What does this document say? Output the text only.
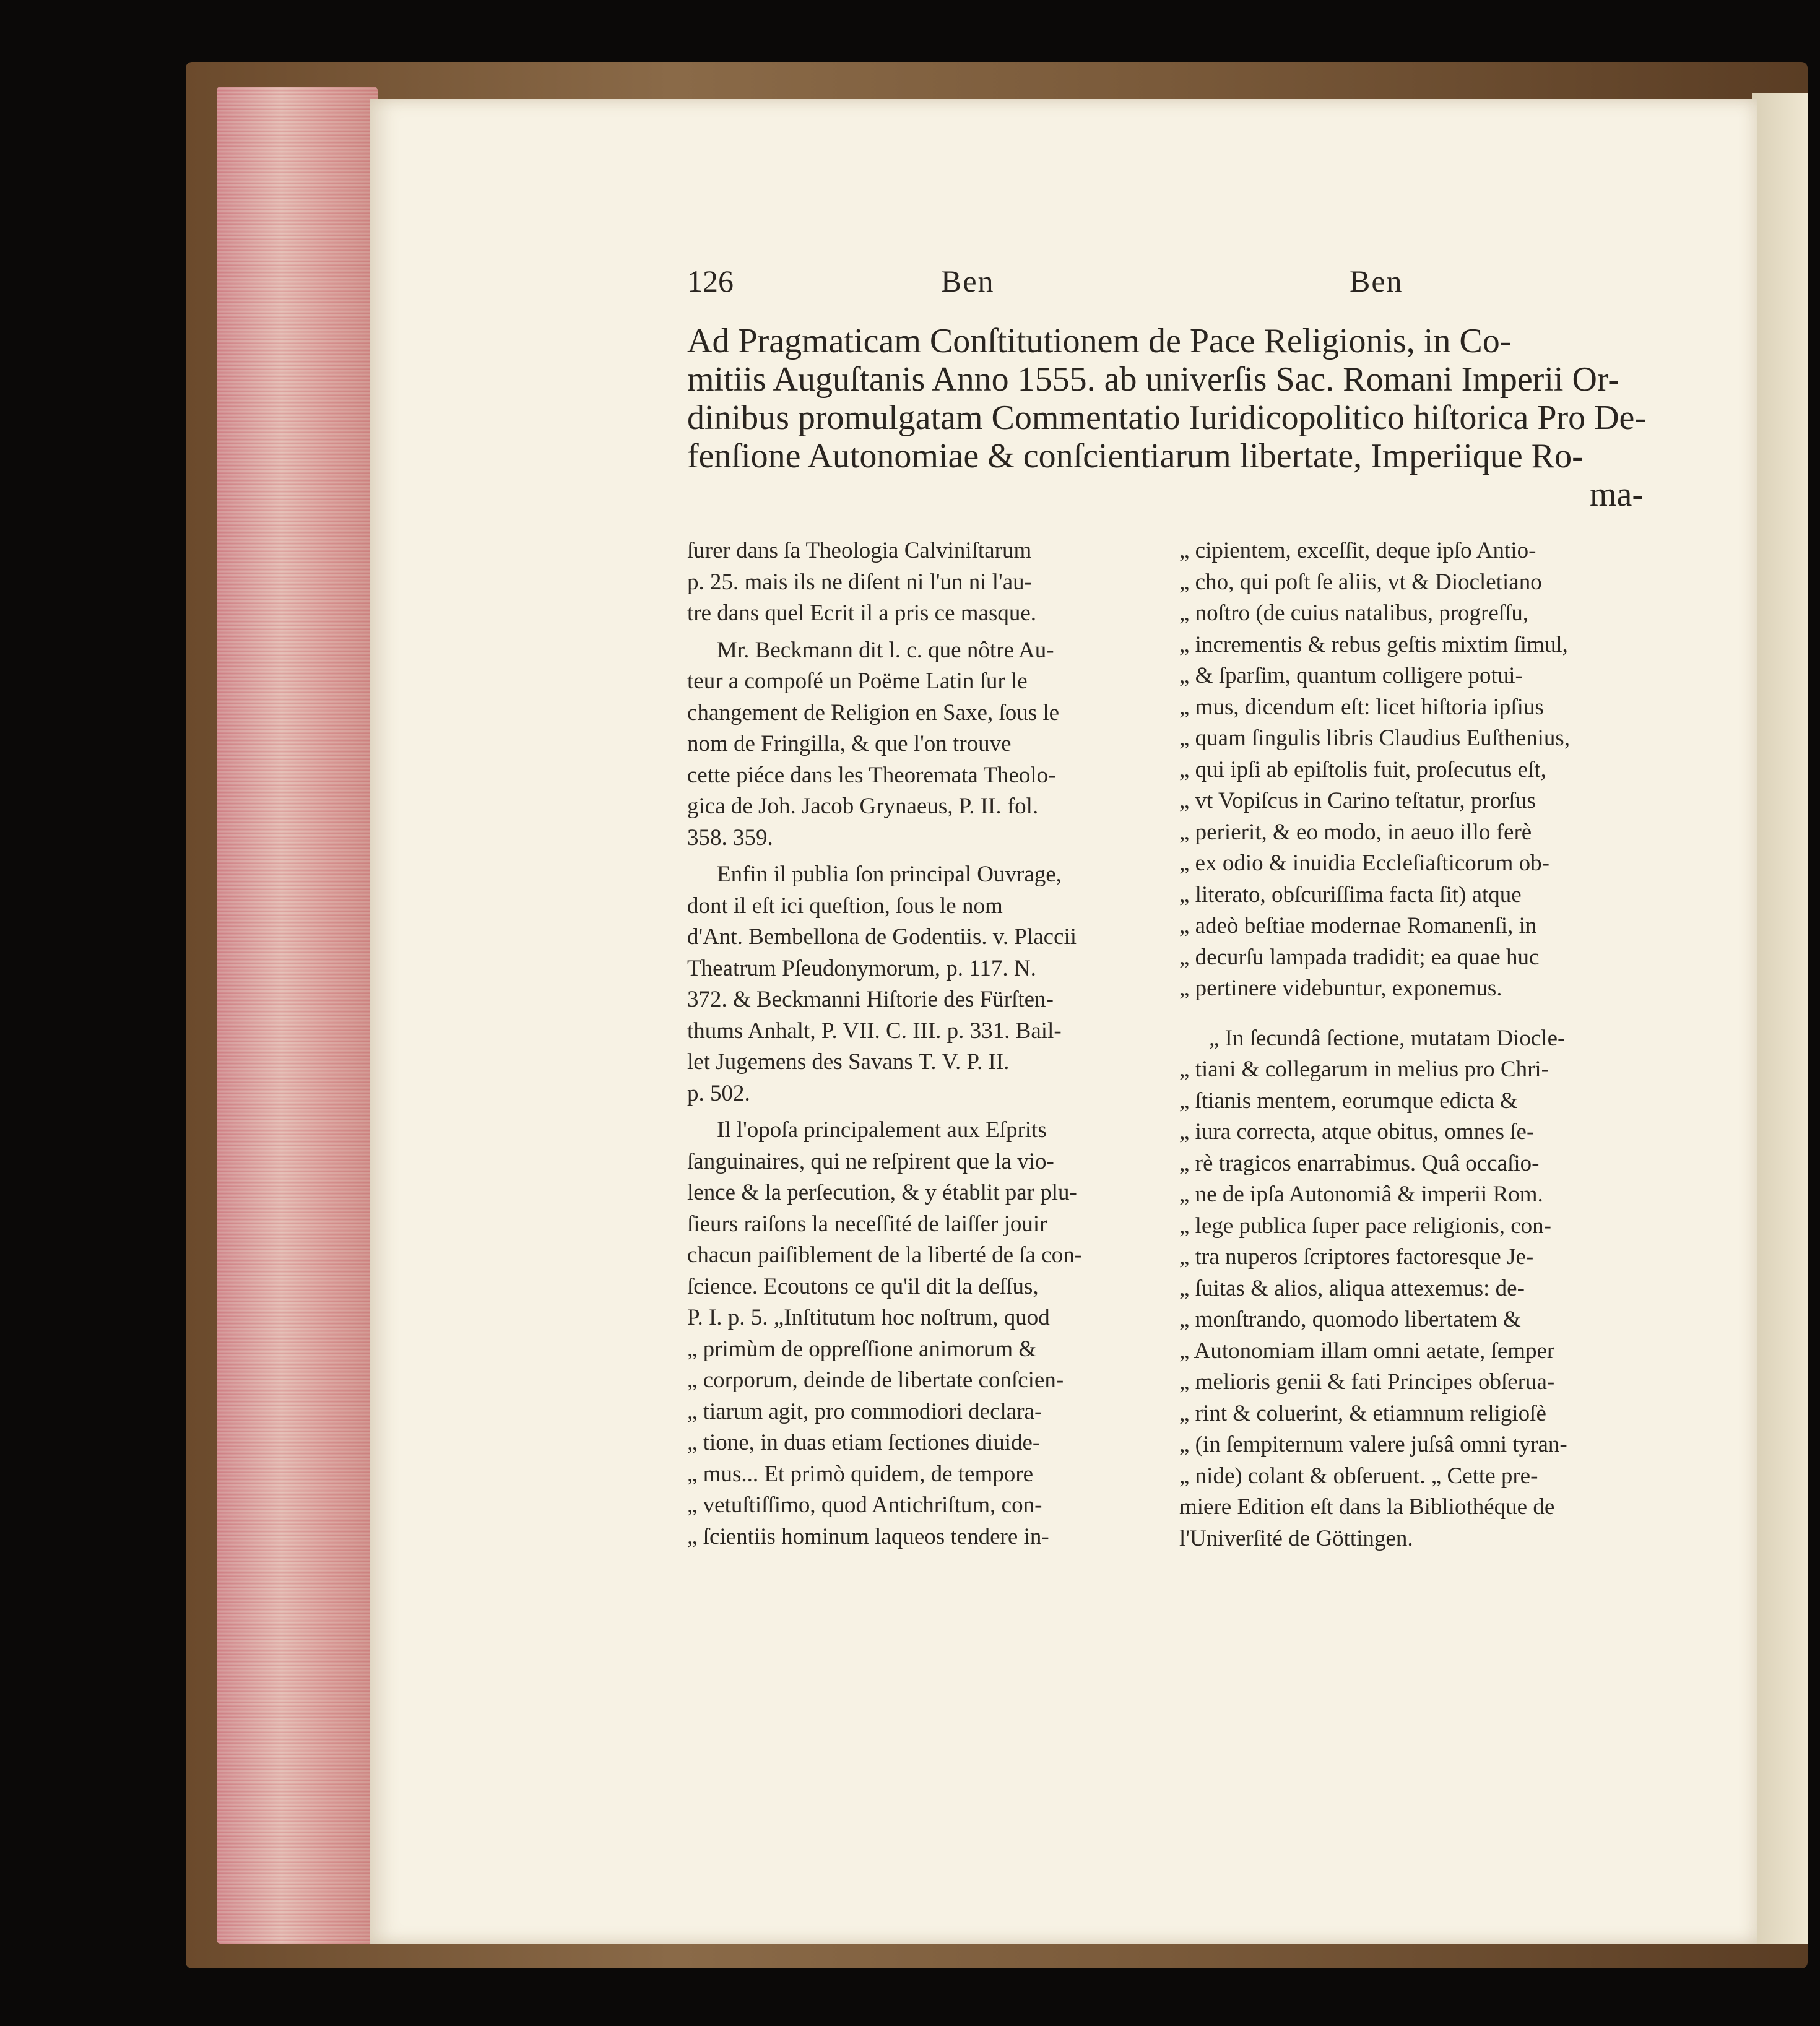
126	Ben	Ben
Ad Pragmaticam Conſtitutionem de Pace Religionis, in Co-
mitiis Auguſtanis Anno 1555. ab univerſis Sac. Romani Imperii Or-
dinibus promulgatam Commentatio Iuridicopolitico hiſtorica Pro De-
fenſione Autonomiae & conſcientiarum libertate, Imperiique Ro-
ma-

ſurer dans ſa Theologia Calviniſtarum
p. 25. mais ils ne diſent ni l'un ni l'au-
tre dans quel Ecrit il a pris ce masque.

Mr. Beckmann dit l. c. que nôtre Au-
teur a compoſé un Poëme Latin ſur le
changement de Religion en Saxe, ſous le
nom de Fringilla, & que l'on trouve
cette piéce dans les Theoremata Theolo-
gica de Joh. Jacob Grynaeus, P. II. fol.
358. 359.

Enfin il publia ſon principal Ouvrage,
dont il eſt ici queſtion, ſous le nom
d'Ant. Bembellona de Godentiis. v. Placcii
Theatrum Pſeudonymorum, p. 117. N.
372. & Beckmanni Hiſtorie des Fürſten-
thums Anhalt, P. VII. C. III. p. 331. Bail-
let Jugemens des Savans T. V. P. II.
p. 502.

Il l'opoſa principalement aux Eſprits
ſanguinaires, qui ne reſpirent que la vio-
lence & la perſecution, & y établit par plu-
ſieurs raiſons la neceſſité de laiſſer jouir
chacun paiſiblement de la liberté de ſa con-
ſcience. Ecoutons ce qu'il dit la deſſus,
P. I. p. 5. „Inſtitutum hoc noſtrum, quod
„ primùm de oppreſſione animorum &
„ corporum, deinde de libertate conſcien-
„ tiarum agit, pro commodiori declara-
„ tione, in duas etiam ſectiones diuide-
„ mus... Et primò quidem, de tempore
„ vetuſtiſſimo, quod Antichriſtum, con-
„ ſcientiis hominum laqueos tendere in-

„ cipientem, exceſſit, deque ipſo Antio-
„ cho, qui poſt ſe aliis, vt & Diocletiano
„ noſtro (de cuius natalibus, progreſſu,
„ incrementis & rebus geſtis mixtim ſimul,
„ & ſparſim, quantum colligere potui-
„ mus, dicendum eſt: licet hiſtoria ipſius
„ quam ſingulis libris Claudius Euſthenius,
„ qui ipſi ab epiſtolis fuit, proſecutus eſt,
„ vt Vopiſcus in Carino teſtatur, prorſus
„ perierit, & eo modo, in aeuo illo ferè
„ ex odio & inuidia Eccleſiaſticorum ob-
„ literato, obſcuriſſima facta ſit) atque
„ adeò beſtiae modernae Romanenſi, in
„ decurſu lampada tradidit; ea quae huc
„ pertinere videbuntur, exponemus.

„ In ſecundâ ſectione, mutatam Diocle-
„ tiani & collegarum in melius pro Chri-
„ ſtianis mentem, eorumque edicta &
„ iura correcta, atque obitus, omnes ſe-
„ rè tragicos enarrabimus. Quâ occaſio-
„ ne de ipſa Autonomiâ & imperii Rom.
„ lege publica ſuper pace religionis, con-
„ tra nuperos ſcriptores factoresque Je-
„ ſuitas & alios, aliqua attexemus: de-
„ monſtrando, quomodo libertatem &
„ Autonomiam illam omni aetate, ſemper
„ melioris genii & fati Principes obſerua-
„ rint & coluerint, & etiamnum religioſè
„ (in ſempiternum valere juſsâ omni tyran-
„ nide) colant & obſeruent. „ Cette pre-
miere Edition eſt dans la Bibliothéque de
l'Univerſité de Göttingen.
